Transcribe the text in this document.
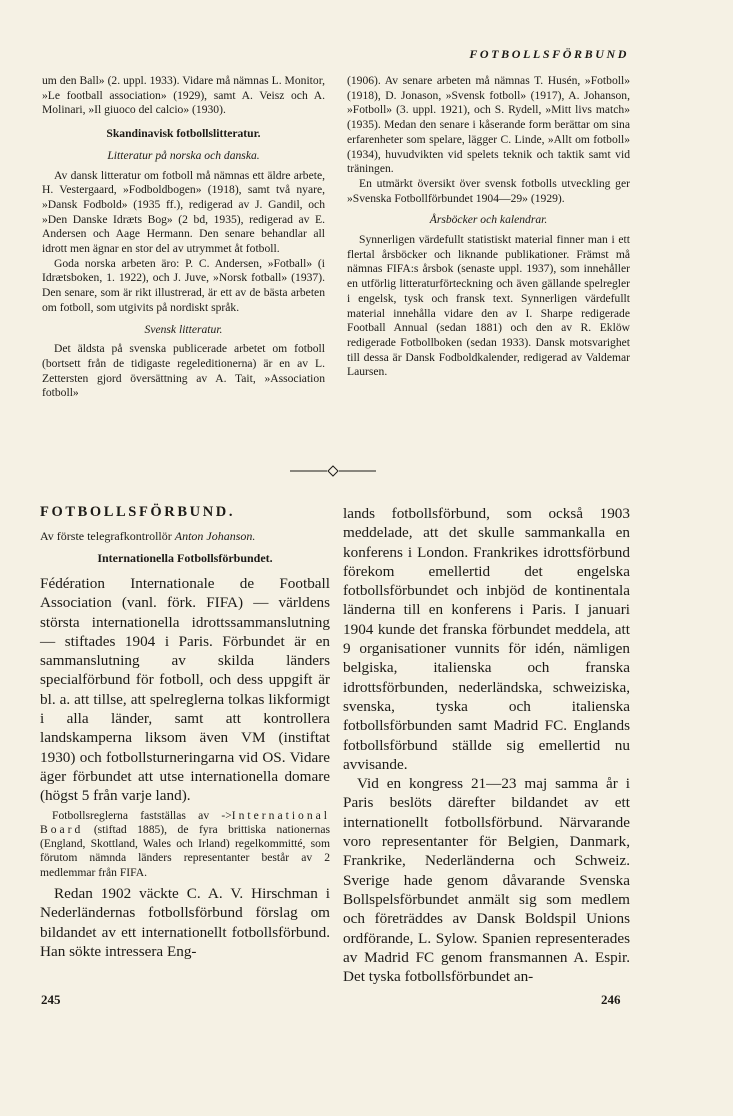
FOTBOLLSFÖRBUND

um den Ball» (2. uppl. 1933). Vidare må nämnas L. Monitor, »Le football association» (1929), samt A. Veisz och A. Molinari, »Il giuoco del calcio» (1930).

Skandinavisk fotbollslitteratur.
Litteratur på norska och danska.

Av dansk litteratur om fotboll må nämnas ett äldre arbete, H. Vestergaard, »Fodboldbogen» (1918), samt två nyare, »Dansk Fodbold» (1935 ff.), redigerad av J. Gandil, och »Den Danske Idræts Bog» (2 bd, 1935), redigerad av E. Andersen och Aage Hermann. Den senare behandlar all idrott men ägnar en stor del av utrymmet åt fotboll.

Goda norska arbeten äro: P. C. Andersen, »Fotball» (i Idrætsboken, 1. 1922), och J. Juve, »Norsk fotball» (1937). Den senare, som är rikt illustrerad, är ett av de bästa arbeten om fotboll, som utgivits på nordiskt språk.

Svensk litteratur.

Det äldsta på svenska publicerade arbetet om fotboll (bortsett från de tidigaste regeleditionerna) är en av L. Zettersten gjord översättning av A. Tait, »Association fotboll»

(1906). Av senare arbeten må nämnas T. Husén, »Fotboll» (1918), D. Jonason, »Svensk fotboll» (1917), A. Johanson, »Fotboll» (3. uppl. 1921), och S. Rydell, »Mitt livs match» (1935). Medan den senare i kåserande form berättar om sina erfarenheter som spelare, lägger C. Linde, »Allt om fotboll» (1934), huvudvikten vid spelets teknik och taktik samt vid träningen.

En utmärkt översikt över svensk fotbolls utveckling ger »Svenska Fotbollförbundet 1904—29» (1929).

Årsböcker och kalendrar.

Synnerligen värdefullt statistiskt material finner man i ett flertal årsböcker och liknande publikationer. Främst må nämnas FIFA:s årsbok (senaste uppl. 1937), som innehåller en utförlig litteraturförteckning och även gällande spelregler i engelsk, tysk och fransk text. Synnerligen värdefullt material innehålla vidare den av I. Sharpe redigerade Football Annual (sedan 1881) och den av R. Eklöw redigerade Fotbollboken (sedan 1933). Dansk motsvarighet till dessa är Dansk Fodboldkalender, redigerad av Valdemar Laursen.

FOTBOLLSFÖRBUND.
Av förste telegrafkontrollör Anton Johanson.
Internationella Fotbollsförbundet.

Fédération Internationale de Football Association (vanl. förk. FIFA) — världens största internationella idrottssammanslutning — stiftades 1904 i Paris. Förbundet är en sammanslutning av skilda länders specialförbund för fotboll, och dess uppgift är bl. a. att tillse, att spelreglerna tolkas likformigt i alla länder, samt att kontrollera landskamperna liksom även VM (instiftat 1930) och fotbollsturneringarna vid OS. Vidare äger förbundet att utse internationella domare (högst 5 från varje land).

Fotbollsreglerna fastställas av ->International Board (stiftad 1885), de fyra brittiska nationernas (England, Skottland, Wales och Irland) regelkommitté, som förutom nämnda länders representanter består av 2 medlemmar från FIFA.

Redan 1902 väckte C. A. V. Hirschman i Nederländernas fotbollsförbund förslag om bildandet av ett internationellt fotbollsförbund. Han sökte intressera Eng-

lands fotbollsförbund, som också 1903 meddelade, att det skulle sammankalla en konferens i London. Frankrikes idrottsförbund förekom emellertid det engelska fotbollsförbundet och inbjöd de kontinentala länderna till en konferens i Paris. I januari 1904 kunde det franska förbundet meddela, att 9 organisationer vunnits för idén, nämligen belgiska, italienska och franska idrottsförbunden, nederländska, schweiziska, svenska, tyska och italienska fotbollsförbunden samt Madrid FC. Englands fotbollsförbund ställde sig emellertid nu avvisande.

Vid en kongress 21—23 maj samma år i Paris beslöts därefter bildandet av ett internationellt fotbollsförbund. Närvarande voro representanter för Belgien, Danmark, Frankrike, Nederländerna och Schweiz. Sverige hade genom dåvarande Svenska Bollspelsförbundet anmält sig som medlem och företräddes av Dansk Boldspil Unions ordförande, L. Sylow. Spanien representerades av Madrid FC genom fransmannen A. Espir. Det tyska fotbollsförbundet an-

245	246
